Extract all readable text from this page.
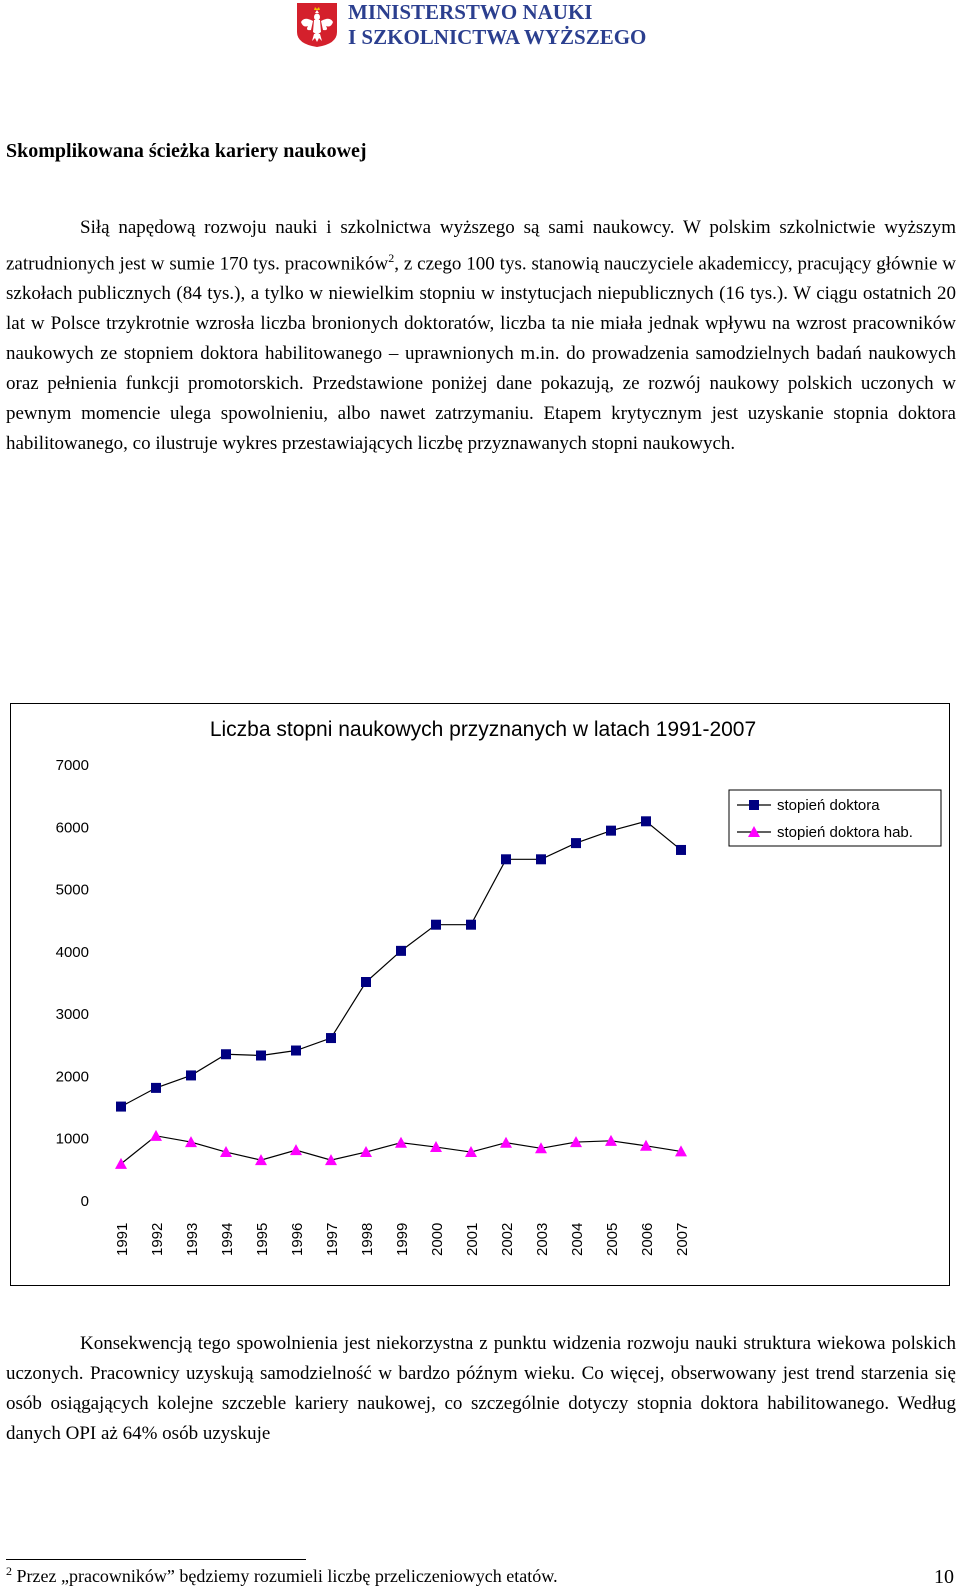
MINISTERSTWO NAUKI
I SZKOLNICTWA WYŻSZEGO
Skomplikowana ścieżka kariery naukowej

Siłą napędową rozwoju nauki i szkolnictwa wyższego są sami naukowcy. W polskim szkolnictwie wyższym zatrudnionych jest w sumie 170 tys. pracowników$^2$, z czego 100 tys. stanowią nauczyciele akademiccy, pracujący głównie w szkołach publicznych (84 tys.), a tylko w niewielkim stopniu w instytucjach niepublicznych (16 tys.). W ciągu ostatnich 20 lat w Polsce trzykrotnie wzrosła liczba bronionych doktoratów, liczba ta nie miała jednak wpływu na wzrost pracowników naukowych ze stopniem doktora habilitowanego – uprawnionych m.in. do prowadzenia samodzielnych badań naukowych oraz pełnienia funkcji promotorskich. Przedstawione poniżej dane pokazują, ze rozwój naukowy polskich uczonych w pewnym momencie ulega spowolnieniu, albo nawet zatrzymaniu. Etapem krytycznym jest uzyskanie stopnia doktora habilitowanego, co ilustruje wykres przestawiających liczbę przyznawanych stopni naukowych.

Liczba stopni naukowych przyznanych w latach 1991-2007
0
1000
2000
3000
4000
5000
6000
7000
1991 1992 1993 1994 1995 1996 1997 1998 1999 2000 2001 2002 2003 2004 2005 2006 2007
stopień doktora
stopień doktora hab.

Konsekwencją tego spowolnienia jest niekorzystna z punktu widzenia rozwoju nauki struktura wiekowa polskich uczonych. Pracownicy uzyskują samodzielność w bardzo późnym wieku. Co więcej, obserwowany jest trend starzenia się osób osiągających kolejne szczeble kariery naukowej, co szczególnie dotyczy stopnia doktora habilitowanego. Według danych OPI aż 64% osób uzyskuje

$^2$ Przez „pracowników” będziemy rozumieli liczbę przeliczeniowych etatów.	10
